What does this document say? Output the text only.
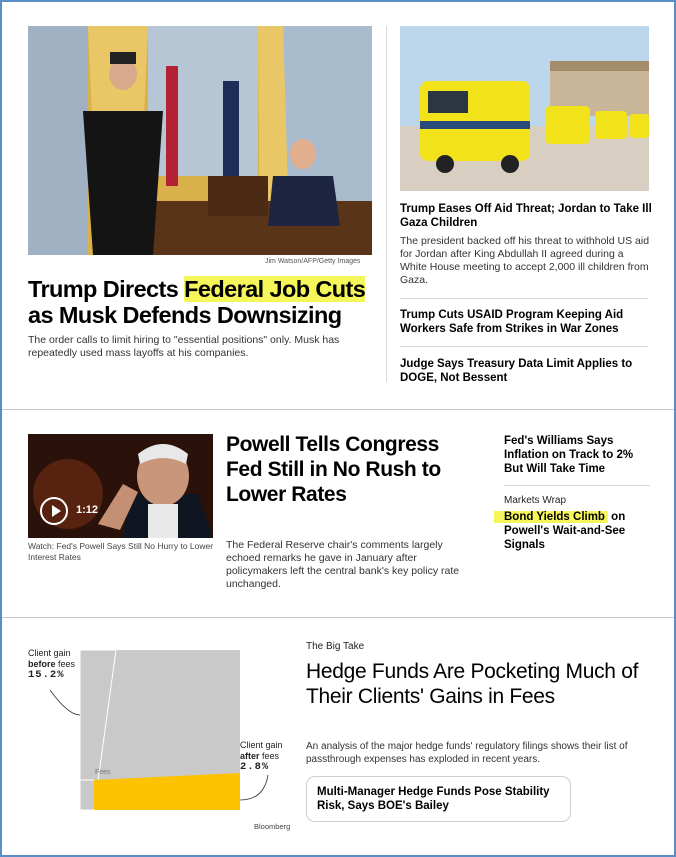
Jim Watson/AFP/Getty Images
Trump Directs Federal Job Cuts as Musk Defends Downsizing
The order calls to limit hiring to "essential positions" only. Musk has repeatedly used mass layoffs at his companies.
Trump Eases Off Aid Threat; Jordan to Take Ill Gaza Children
The president backed off his threat to withhold US aid for Jordan after King Abdullah II agreed during a White House meeting to accept 2,000 ill children from Gaza.
Trump Cuts USAID Program Keeping Aid Workers Safe from Strikes in War Zones
Judge Says Treasury Data Limit Applies to DOGE, Not Bessent
1:12
Watch: Fed's Powell Says Still No Hurry to Lower Interest Rates
Powell Tells Congress Fed Still in No Rush to Lower Rates
The Federal Reserve chair's comments largely echoed remarks he gave in January after policymakers left the central bank's key policy rate unchanged.
Fed's Williams Says Inflation on Track to 2% But Will Take Time
Markets Wrap
Bond Yields Climb on Powell's Wait-and-See Signals
Client gain
before fees
15.2%
Client gain
after fees
2.8%
Fees
Bloomberg
The Big Take
Hedge Funds Are Pocketing Much of Their Clients' Gains in Fees
An analysis of the major hedge funds' regulatory filings shows their list of passthrough expenses has exploded in recent years.
Multi-Manager Hedge Funds Pose Stability Risk, Says BOE's Bailey
